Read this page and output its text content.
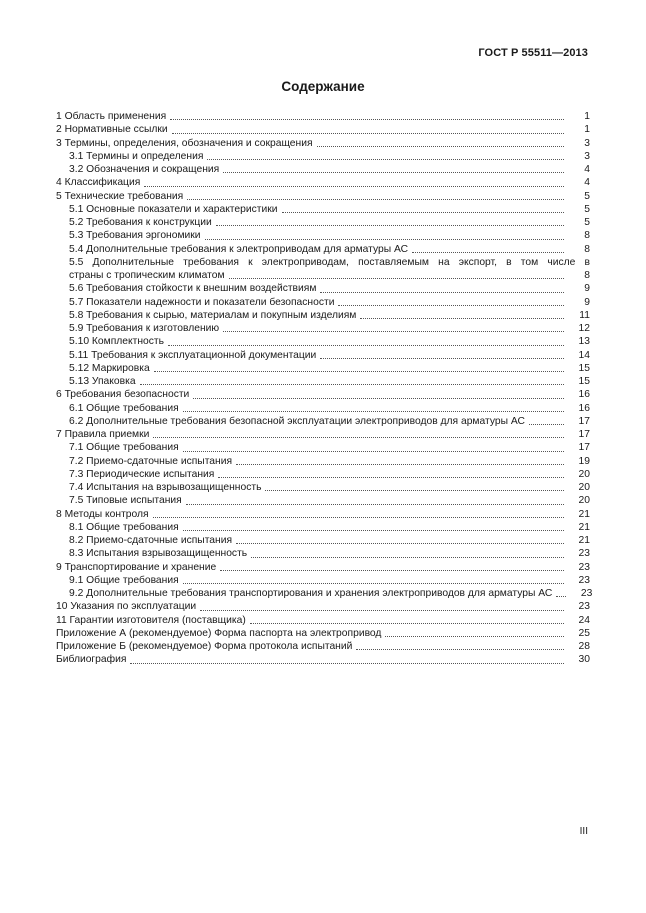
ГОСТ Р 55511—2013
Содержание
1 Область применения	1
2 Нормативные ссылки	1
3 Термины, определения, обозначения и сокращения	3
3.1 Термины и определения	3
3.2 Обозначения и сокращения	4
4 Классификация	4
5 Технические требования	5
5.1 Основные показатели и характеристики	5
5.2 Требования к конструкции	5
5.3 Требования эргономики	8
5.4 Дополнительные требования к электроприводам для арматуры АС	8
5.5 Дополнительные требования к электроприводам, поставляемым на экспорт, в том числе в
страны с тропическим климатом	8
5.6 Требования стойкости к внешним воздействиям	9
5.7 Показатели надежности и показатели безопасности	9
5.8 Требования к сырью, материалам и покупным изделиям	11
5.9 Требования к изготовлению	12
5.10 Комплектность	13
5.11 Требования к эксплуатационной документации	14
5.12 Маркировка	15
5.13 Упаковка	15
6 Требования безопасности	16
6.1 Общие требования	16
6.2 Дополнительные требования безопасной эксплуатации электроприводов для арматуры АС	17
7 Правила приемки	17
7.1 Общие требования	17
7.2 Приемо-сдаточные испытания	19
7.3 Периодические испытания	20
7.4 Испытания на взрывозащищенность	20
7.5 Типовые испытания	20
8 Методы контроля	21
8.1 Общие требования	21
8.2 Приемо-сдаточные испытания	21
8.3 Испытания взрывозащищенность	23
9 Транспортирование и хранение	23
9.1 Общие требования	23
9.2 Дополнительные требования транспортирования и хранения электроприводов для арматуры АС	23
10 Указания по эксплуатации	23
11 Гарантии изготовителя (поставщика)	24
Приложение А (рекомендуемое) Форма паспорта на электропривод	25
Приложение Б (рекомендуемое) Форма протокола испытаний	28
Библиография	30
III
